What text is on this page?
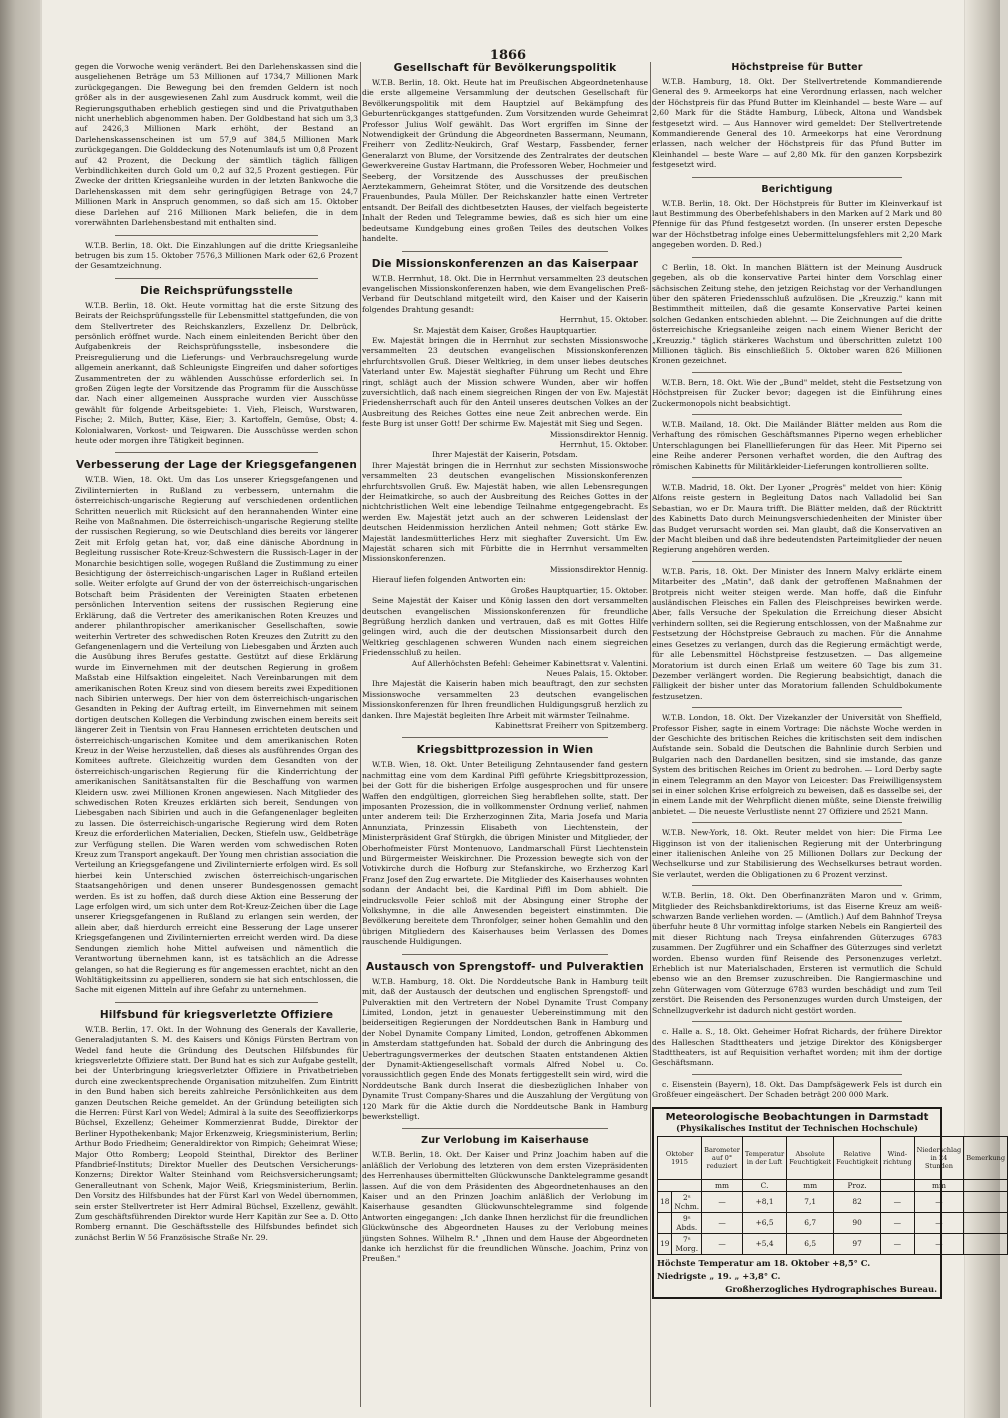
1866

gegen die Vorwoche wenig verändert. Bei den Darlehenskassen sind die ausgeliehenen Beträge um 53 Millionen auf 1734,7 Millionen Mark zurückgegangen. Die Bewegung bei den fremden Geldern ist noch größer als in der ausgewiesenen Zahl zum Ausdruck kommt, weil die Regierungsguthaben erheblich gestiegen sind und die Privatguthaben nicht unerheblich abgenommen haben. Der Goldbestand hat sich um 3,3 auf 2426,3 Millionen Mark erhöht, der Bestand an Darlehenskassenscheinen ist um 57,9 auf 384,5 Millionen Mark zurückgegangen. Die Golddeckung des Notenumlaufs ist um 0,8 Prozent auf 42 Prozent, die Deckung der sämtlich täglich fälligen Verbindlichkeiten durch Gold um 0,2 auf 32,5 Prozent gestiegen. Für Zwecke der dritten Kriegsanleihe wurden in der letzten Bankwoche die Darlehenskassen mit dem sehr geringfügigen Betrage von 24,7 Millionen Mark in Anspruch genommen, so daß sich am 15. Oktober diese Darlehen auf 216 Millionen Mark beliefen, die in dem vorerwähnten Darlehensbestand mit enthalten sind.

W.T.B. Berlin, 18. Okt. Die Einzahlungen auf die dritte Kriegsanleihe betrugen bis zum 15. Oktober 7576,3 Millionen Mark oder 62,6 Prozent der Gesamtzeichnung.

Die Reichsprüfungsstelle

W.T.B. Berlin, 18. Okt. Heute vormittag hat die erste Sitzung des Beirats der Reichsprüfungsstelle für Lebensmittel stattgefunden, die von dem Stellvertreter des Reichskanzlers, Exzellenz Dr. Delbrück, persönlich eröffnet wurde. Nach einem einleitenden Bericht über den Aufgabenkreis der Reichsprüfungsstelle, insbesondere die Preisregulierung und die Lieferungs- und Verbrauchsregelung wurde allgemein anerkannt, daß Schleunigste Eingreifen und daher sofortiges Zusammentreten der zu wählenden Ausschüsse erforderlich sei. In großen Zügen legte der Vorsitzende das Programm für die Ausschüsse dar. Nach einer allgemeinen Aussprache wurden vier Ausschüsse gewählt für folgende Arbeitsgebiete: 1. Vieh, Fleisch, Wurstwaren, Fische; 2. Milch, Butter, Käse, Eier; 3. Kartoffeln, Gemüse, Obst; 4. Kolonialwaren, Vorkost- und Teigwaren. Die Ausschüsse werden schon heute oder morgen ihre Tätigkeit beginnen.

Verbesserung der Lage der Kriegsgefangenen

W.T.B. Wien, 18. Okt. Um das Los unserer Kriegsgefangenen und Zivilinternierten in Rußland zu verbessern, unternahm die österreichisch-ungarische Regierung auf verschiedenen ordentlichen Schritten neuerlich mit Rücksicht auf den herannahenden Winter eine Reihe von Maßnahmen. Die österreichisch-ungarische Regierung stellte der russischen Regierung, so wie Deutschland dies bereits vor längerer Zeit mit Erfolg getan hat, vor, daß eine dänische Abordnung in Begleitung russischer Rote-Kreuz-Schwestern die Russisch-Lager in der Monarchie besichtigen solle, wogegen Rußland die Zustimmung zu einer Besichtigung der österreichisch-ungarischen Lager in Rußland erteilen solle. Weiter erfolgte auf Grund der von der österreichisch-ungarischen Botschaft beim Präsidenten der Vereinigten Staaten erbetenen persönlichen Intervention seitens der russischen Regierung eine Erklärung, daß die Vertreter des amerikanischen Roten Kreuzes und anderer philanthropischer amerikanischer Gesellschaften, sowie weiterhin Vertreter des schwedischen Roten Kreuzes den Zutritt zu den Gefangenenlagern und die Verteilung von Liebesgaben und Ärzten auch die Ausübung ihres Berufes gestatte. Gestützt auf diese Erklärung wurde im Einvernehmen mit der deutschen Regierung in großem Maßstab eine Hilfsaktion eingeleitet. Nach Vereinbarungen mit dem amerikanischen Roten Kreuz sind von diesem bereits zwei Expeditionen nach Sibirien unterwegs. Der hier von dem österreichisch-ungarischen Gesandten in Peking der Auftrag erteilt, im Einvernehmen mit seinem dortigen deutschen Kollegen die Verbindung zwischen einem bereits seit längerer Zeit in Tientsin von Frau Hannesen errichteten deutschen und österreichisch-ungarischen Komitee und dem amerikanischen Roten Kreuz in der Weise herzustellen, daß dieses als ausführendes Organ des Komitees auftrete. Gleichzeitig wurden dem Gesandten von der österreichisch-ungarischen Regierung für die Kinderrichtung der amerikanischen Sanitätsanstalten für die Beschaffung von warmen Kleidern usw. zwei Millionen Kronen angewiesen. Nach Mitglieder des schwedischen Roten Kreuzes erklärten sich bereit, Sendungen von Liebesgaben nach Sibirien und auch in die Gefangenenlager begleiten zu lassen. Die österreichisch-ungarische Regierung wird dem Roten Kreuz die erforderlichen Materialien, Decken, Stiefeln usw., Geldbeträge zur Verfügung stellen. Die Waren werden vom schwedischen Roten Kreuz zum Transport angekauft. Der Young men christian association die Verteilung an Kriegsgefangene und Zivilinternierte erfolgen wird. Es soll hierbei kein Unterschied zwischen österreichisch-ungarischen Staatsangehörigen und denen unserer Bundesgenossen gemacht werden. Es ist zu hoffen, daß durch diese Aktion eine Besserung der Lage erfolgen wird, um sich unter dem Rot-Kreuz-Zeichen über die Lage unserer Kriegsgefangenen in Rußland zu erlangen sein werden, der allein aber, daß hierdurch erreicht eine Besserung der Lage unserer Kriegsgefangenen und Zivilinternierten erreicht werden wird. Da diese Sendungen ziemlich hohe Mittel aufweisen und nämentlich die Verantwortung übernehmen kann, ist es tatsächlich an die Adresse gelangen, so hat die Regierung es für angemessen erachtet, nicht an den Wohltätigkeitssinn zu appellieren, sondern sie hat sich entschlossen, die Sache mit eigenen Mitteln auf ihre Gefahr zu unternehmen.

Hilfsbund für kriegsverletzte Offiziere

W.T.B. Berlin, 17. Okt. In der Wohnung des Generals der Kavallerie, Generaladjutanten S. M. des Kaisers und Königs Fürsten Bertram von Wedel fand heute die Gründung des Deutschen Hilfsbundes für kriegsverletzte Offiziere statt. Der Bund hat es sich zur Aufgabe gestellt, bei der Unterbringung kriegsverletzter Offiziere in Privatbetrieben durch eine zweckentsprechende Organisation mitzuhelfen. Zum Eintritt in den Bund haben sich bereits zahlreiche Persönlichkeiten aus dem ganzen Deutschen Reiche gemeldet. An der Gründung beteiligten sich die Herren: Fürst Karl von Wedel; Admiral à la suite des Seeoffizierkorps Büchsel, Exzellenz; Geheimer Kommerzienrat Budde, Direktor der Berliner Hypothekenbank; Major Erkenzweig, Kriegsministerium, Berlin; Arthur Bodo Friedheim; Generaldirektor von Rimpich; Geheimrat Wiese; Major Otto Romberg; Leopold Steinthal, Direktor des Berliner Pfandbrief-Instituts; Direktor Mueller des Deutschen Versicherungs-Konzerns; Direktor Walter Steinhand vom Reichsversicherungsamt; Generalleutnant von Schenk, Major Weiß, Kriegsministerium, Berlin. Den Vorsitz des Hilfsbundes hat der Fürst Karl von Wedel übernommen, sein erster Stellvertreter ist Herr Admiral Büchsel, Exzellenz, gewählt. Zum geschäftsführenden Direktor wurde Herr Kapitän zur See a. D. Otto Romberg ernannt. Die Geschäftsstelle des Hilfsbundes befindet sich zunächst Berlin W 56 Französische Straße Nr. 29.

Gesellschaft für Bevölkerungspolitik

W.T.B. Berlin, 18. Okt. Heute hat im Preußischen Abgeordnetenhause die erste allgemeine Versammlung der deutschen Gesellschaft für Bevölkerungspolitik mit dem Hauptziel auf Bekämpfung des Geburtenrückganges stattgefunden. Zum Vorsitzenden wurde Geheimrat Professor Julius Wolf gewählt. Das Wort ergriffen im Sinne der Notwendigkeit der Gründung die Abgeordneten Bassermann, Neumann, Freiherr von Zedlitz-Neukirch, Graf Westarp, Fassbender, ferner Generalarzt von Blume, der Vorsitzende des Zentralrates der deutschen Gewerkvereine Gustav Hartmann, die Professoren Weber, Hochmeier und Seeberg, der Vorsitzende des Ausschusses der preußischen Aerztekammern, Geheimrat Stöter, und die Vorsitzende des deutschen Frauenbundes, Paula Müller. Der Reichskanzler hatte einen Vertreter entsandt. Der Beifall des dichtbesetzten Hauses, der vielfach begeisterte Inhalt der Reden und Telegramme bewies, daß es sich hier um eine bedeutsame Kundgebung eines großen Teiles des deutschen Volkes handelte.

Die Missionskonferenzen an das Kaiserpaar

W.T.B. Herrnhut, 18. Okt. Die in Herrnhut versammelten 23 deutschen evangelischen Missionskonferenzen haben, wie dem Evangelischen Preß-Verband für Deutschland mitgeteilt wird, den Kaiser und der Kaiserin folgendes Drahtung gesandt:

Herrnhut, 15. Oktober.

Sr. Majestät dem Kaiser, Großes Hauptquartier.

Ew. Majestät bringen die in Herrnhut zur sechsten Missionswoche versammelten 23 deutschen evangelischen Missionskonferenzen ehrfurchtsvollen Gruß. Dieser Weltkrieg, in dem unser liebes deutsches Vaterland unter Ew. Majestät sieghafter Führung um Recht und Ehre ringt, schlägt auch der Mission schwere Wunden, aber wir hoffen zuversichtlich, daß nach einem siegreichen Ringen der von Ew. Majestät Friedensherrschaft auch für den Anteil unseres deutschen Volkes an der Ausbreitung des Reiches Gottes eine neue Zeit anbrechen werde. Ein feste Burg ist unser Gott! Der schirme Ew. Majestät mit Sieg und Segen.

Missionsdirektor Hennig.

Herrnhut, 15. Oktober.

Ihrer Majestät der Kaiserin, Potsdam.

Ihrer Majestät bringen die in Herrnhut zur sechsten Missionswoche versammelten 23 deutschen evangelischen Missionskonferenzen ehrfurchtsvollen Gruß. Ew. Majestät haben, wie allen Lebensregungen der Heimatkirche, so auch der Ausbreitung des Reiches Gottes in der nichtchristlichen Welt eine lebendige Teilnahme entgegengebracht. Es werden Ew. Majestät jetzt auch an der schweren Leidenslast der deutschen Heidenmission herzlichen Anteil nehmen; Gott stärke Ew. Majestät landesmütterliches Herz mit sieghafter Zuversicht. Um Ew. Majestät scharen sich mit Fürbitte die in Herrnhut versammelten Missionskonferenzen.

Missionsdirektor Hennig.

Hierauf liefen folgenden Antworten ein:

Großes Hauptquartier, 15. Oktober.

Seine Majestät der Kaiser und König lassen den dort versammelten deutschen evangelischen Missionskonferenzen für freundliche Begrüßung herzlich danken und vertrauen, daß es mit Gottes Hilfe gelingen wird, auch die der deutschen Missionsarbeit durch den Weltkrieg geschlagenen schweren Wunden nach einem siegreichen Friedensschluß zu heilen.

Auf Allerhöchsten Befehl: Geheimer Kabinettsrat v. Valentini.

Neues Palais, 15. Oktober.

Ihre Majestät die Kaiserin haben mich beauftragt, den zur sechsten Missionswoche versammelten 23 deutschen evangelischen Missionskonferenzen für Ihren freundlichen Huldigungsgruß herzlich zu danken. Ihre Majestät begleiten Ihre Arbeit mit wärmster Teilnahme.

Kabinettsrat Freiherr von Spitzemberg.

Kriegsbittprozession in Wien

W.T.B. Wien, 18. Okt. Unter Beteiligung Zehntausender fand gestern nachmittag eine vom dem Kardinal Piffl geführte Kriegsbittprozession, bei der Gott für die bisherigen Erfolge ausgesprochen und für unsere Waffen den endgültigen, glorreichen Sieg herabflehen sollte, statt. Der imposanten Prozession, die in vollkommenster Ordnung verlief, nahmen unter anderem teil: Die Erzherzoginnen Zita, Maria Josefa und Maria Annunziata, Prinzessin Elisabeth von Liechtenstein, der Ministerpräsident Graf Stürgkh, die übrigen Minister und Mitglieder, der Oberhofmeister Fürst Montenuovo, Landmarschall Fürst Liechtenstein und Bürgermeister Weiskirchner. Die Prozession bewegte sich von der Votivkirche durch die Hofburg zur Stefanskirche, wo Erzherzog Karl Franz Josef den Zug erwartete. Die Mitglieder des Kaiserhauses wohnten sodann der Andacht bei, die Kardinal Piffl im Dom abhielt. Die eindrucksvolle Feier schloß mit der Absingung einer Strophe der Volkshymne, in die alle Anwesenden begeistert einstimmten. Die Bevölkerung bereitete dem Thronfolger, seiner hohen Gemahlin und den übrigen Mitgliedern des Kaiserhauses beim Verlassen des Domes rauschende Huldigungen.

Austausch von Sprengstoff- und Pulveraktien

W.T.B. Hamburg, 18. Okt. Die Norddeutsche Bank in Hamburg teilt mit, daß der Austausch der deutschen und englischen Sprengstoff- und Pulveraktien mit den Vertretern der Nobel Dynamite Trust Company Limited, London, jetzt in genauester Uebereinstimmung mit den beiderseitigen Regierungen der Norddeutschen Bank in Hamburg und der Nobel Dynamite Company Limited, London, getroffenen Abkommen in Amsterdam stattgefunden hat. Sobald der durch die Anbringung des Uebertragungsvermerkes der deutschen Staaten entstandenen Aktien der Dynamit-Aktiengesellschaft vormals Alfred Nobel u. Co. voraussichtlich gegen Ende des Monats fertiggestellt sein wird, wird die Norddeutsche Bank durch Inserat die diesbezüglichen Inhaber von Dynamite Trust Company-Shares und die Auszahlung der Vergütung von 120 Mark für die Aktie durch die Norddeutsche Bank in Hamburg bewerkstelligt.

Zur Verlobung im Kaiserhause

W.T.B. Berlin, 18. Okt. Der Kaiser und Prinz Joachim haben auf die anläßlich der Verlobung des letzteren von dem ersten Vizepräsidenten des Herrenhauses übermittelten Glückwunsche Danktelegramme gesandt lassen. Auf die von dem Präsidenten des Abgeordnetenhauses an den Kaiser und an den Prinzen Joachim anläßlich der Verlobung im Kaiserhause gesandten Glückwunschtelegramme sind folgende Antworten eingegangen: „Ich danke Ihnen herzlichst für die freundlichen Glückwünsche des Abgeordneten Hauses zu der Verlobung meines jüngsten Sohnes. Wilhelm R." „Ihnen und dem Hause der Abgeordneten danke ich herzlichst für die freundlichen Wünsche. Joachim, Prinz von Preußen."

Höchstpreise für Butter

W.T.B. Hamburg, 18. Okt. Der Stellvertretende Kommandierende General des 9. Armeekorps hat eine Verordnung erlassen, nach welcher der Höchstpreis für das Pfund Butter im Kleinhandel — beste Ware — auf 2,60 Mark für die Städte Hamburg, Lübeck, Altona und Wandsbek festgesetzt wird. — Aus Hannover wird gemeldet: Der Stellvertretende Kommandierende General des 10. Armeekorps hat eine Verordnung erlassen, nach welcher der Höchstpreis für das Pfund Butter im Kleinhandel — beste Ware — auf 2,80 Mk. für den ganzen Korpsbezirk festgesetzt wird.

Berichtigung

W.T.B. Berlin, 18. Okt. Der Höchstpreis für Butter im Kleinverkauf ist laut Bestimmung des Oberbefehlshabers in den Marken auf 2 Mark und 80 Pfennige für das Pfund festgesetzt worden. (In unserer ersten Depesche war der Höchstbetrag infolge eines Uebermittelungsfehlers mit 2,20 Mark angegeben worden. D. Red.)

C Berlin, 18. Okt. In manchen Blättern ist der Meinung Ausdruck gegeben, als ob die konservative Partei hinter dem Vorschlag einer sächsischen Zeitung stehe, den jetzigen Reichstag vor der Verhandlungen über den späteren Friedensschluß aufzulösen. Die „Kreuzzig." kann mit Bestimmtheit mitteilen, daß die gesamte Konservative Partei keinen solchen Gedanken entschieden ablehnt. — Die Zeichnungen auf die dritte österreichische Kriegsanleihe zeigen nach einem Wiener Bericht der „Kreuzzig." täglich stärkeres Wachstum und überschritten zuletzt 100 Millionen täglich. Bis einschließlich 5. Oktober waren 826 Millionen Kronen gezeichnet.

W.T.B. Bern, 18. Okt. Wie der „Bund" meldet, steht die Festsetzung von Höchstpreisen für Zucker bevor; dagegen ist die Einführung eines Zuckermonopols nicht beabsichtigt.

W.T.B. Mailand, 18. Okt. Die Mailänder Blätter melden aus Rom die Verhaftung des römischen Geschäftsmannes Piperno wegen erheblicher Unterschlagungen bei Flanelllieferungen für das Heer. Mit Piperno sei eine Reihe anderer Personen verhaftet worden, die den Auftrag des römischen Kabinetts für Militärkleider-Lieferungen kontrollieren sollte.

W.T.B. Madrid, 18. Okt. Der Lyoner „Progrès" meldet von hier: König Alfons reiste gestern in Begleitung Datos nach Valladolid bei San Sebastian, wo er Dr. Maura trifft. Die Blätter melden, daß der Rücktritt des Kabinetts Dato durch Meinungsverschiedenheiten der Minister über das Budget verursacht worden sei. Man glaubt, daß die Konservativen an der Macht bleiben und daß ihre bedeutendsten Parteimitglieder der neuen Regierung angehören werden.

W.T.B. Paris, 18. Okt. Der Minister des Innern Malvy erklärte einem Mitarbeiter des „Matin", daß dank der getroffenen Maßnahmen der Brotpreis nicht weiter steigen werde. Man hoffe, daß die Einfuhr ausländischen Fleisches ein Fallen des Fleischpreises bewirken werde. Aber, falls Versuche der Spekulation die Erreichung dieser Absicht verhindern sollten, sei die Regierung entschlossen, von der Maßnahme zur Festsetzung der Höchstpreise Gebrauch zu machen. Für die Annahme eines Gesetzes zu verlangen, durch das die Regierung ermächtigt werde, für alle Lebensmittel Höchstpreise festzusetzen. — Das allgemeine Moratorium ist durch einen Erlaß um weitere 60 Tage bis zum 31. Dezember verlängert worden. Die Regierung beabsichtigt, danach die Fälligkeit der bisher unter das Moratorium fallenden Schuldbokumente festzusetzen.

W.T.B. London, 18. Okt. Der Vizekanzler der Universität von Sheffield, Professor Fisher, sagte in einem Vortrage: Die nächste Woche werden in der Geschichte des britischen Reiches die kritischsten seit dem indischen Aufstande sein. Sobald die Deutschen die Bahnlinie durch Serbien und Bulgarien nach den Dardanellen besitzen, sind sie imstande, das ganze System des britischen Reiches im Orient zu bedrohen. — Lord Derby sagte in einem Telegramm an den Mayor von Leicester: Das Freiwilligensystem sei in einer solchen Krise erfolgreich zu beweisen, daß es dasselbe sei, der in einem Lande mit der Wehrpflicht dienen müßte, seine Dienste freiwillig anbietet. — Die neueste Verlustliste nennt 27 Offiziere und 2521 Mann.

W.T.B. New-York, 18. Okt. Reuter meldet von hier: Die Firma Lee Higginson ist von der italienischen Regierung mit der Unterbringung einer italienischen Anleihe von 25 Millionen Dollars zur Deckung der Wechselkurse und zur Stabilisierung des Wechselkurses betraut worden. Sie verlautet, werden die Obligationen zu 6 Prozent verzinst.

W.T.B. Berlin, 18. Okt. Den Oberfinanzräten Maron und v. Grimm, Mitglieder des Reichsbankdirektoriums, ist das Eiserne Kreuz am weiß-schwarzen Bande verliehen worden. — (Amtlich.) Auf dem Bahnhof Treysa überfuhr heute 8 Uhr vormittag infolge starken Nebels ein Rangierteil des mit dieser Richtung nach Treysa einfahrenden Güterzuges 6783 zusammen. Der Zugführer und ein Schaffner des Güterzuges sind verletzt worden. Ebenso wurden fünf Reisende des Personenzuges verletzt. Erheblich ist nur Materialschaden, Ersteren ist vermutlich die Schuld ebenso wie an den Bremser zuzuschreiben. Die Rangiermaschine und zehn Güterwagen vom Güterzuge 6783 wurden beschädigt und zum Teil zerstört. Die Reisenden des Personenzuges wurden durch Umsteigen, der Schnellzugverkehr ist dadurch nicht gestört worden.

c. Halle a. S., 18. Okt. Geheimer Hofrat Richards, der frühere Direktor des Halleschen Stadttheaters und jetzige Direktor des Königsberger Stadttheaters, ist auf Requisition verhaftet worden; mit ihm der dortige Geschäftsmann.

c. Eisenstein (Bayern), 18. Okt. Das Dampfsägewerk Fels ist durch ein Großfeuer eingeäschert. Der Schaden beträgt 200 000 Mark.

Meteorologische Beobachtungen in Darmstadt
(Physikalisches Institut der Technischen Hochschule)
Oktober
1915		Barometer auf 0° reduziert	Temperatur in der Luft	Absolute Feuchtigkeit	Relative Feuchtigkeit	Wind-richtung	Niederschlag in 24 Stunden	Bemerkung
		mm	C.	mm	Proz.		mm	
18	2ᵘ Nchm.	—	+8,1	7,1	82	—	—	
	9ᵘ Abds.	—	+6,5	6,7	90	—	—	
19	7ᵘ Morg.	—	+5,4	6,5	97	—	—	
Höchste Temperatur am 18. Oktober +8,5° C.
Niedrigste „ 19. „ +3,8° C.
Großherzogliches Hydrographisches Bureau.
